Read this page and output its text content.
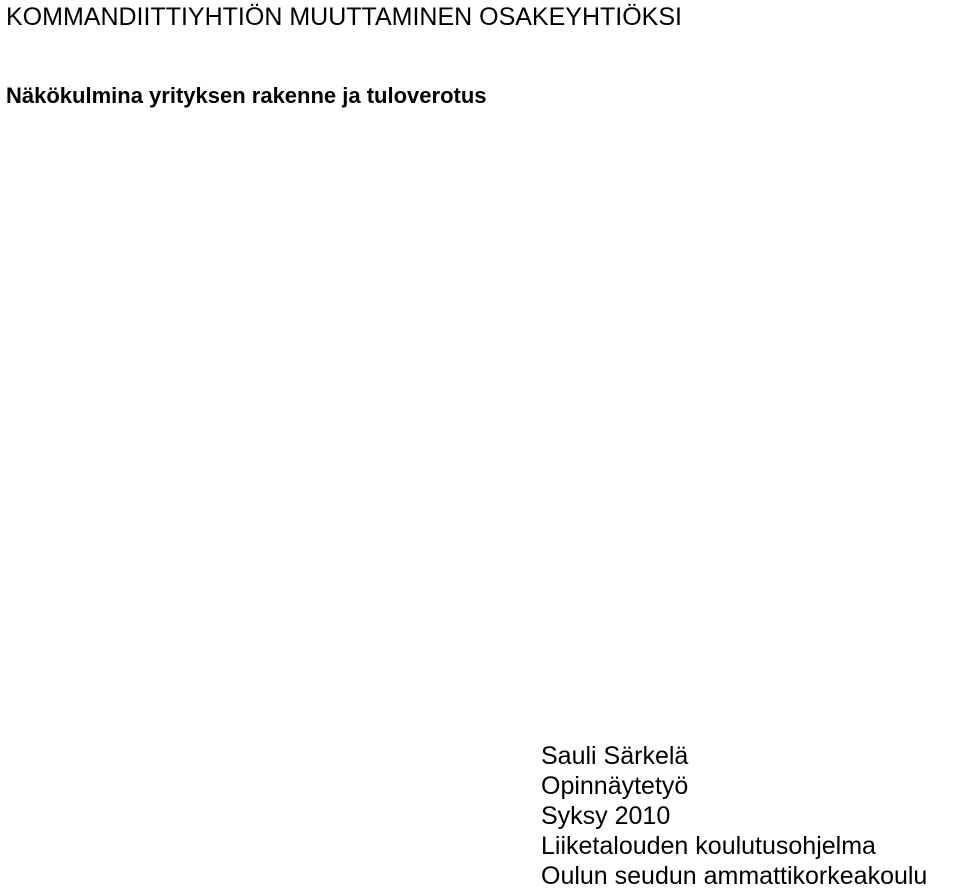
KOMMANDIITTIYHTIÖN MUUTTAMINEN OSAKEYHTIÖKSI
Näkökulmina yrityksen rakenne ja tuloverotus
Sauli Särkelä
Opinnäytetyö
Syksy 2010
Liiketalouden koulutusohjelma
Oulun seudun ammattikorkeakoulu
